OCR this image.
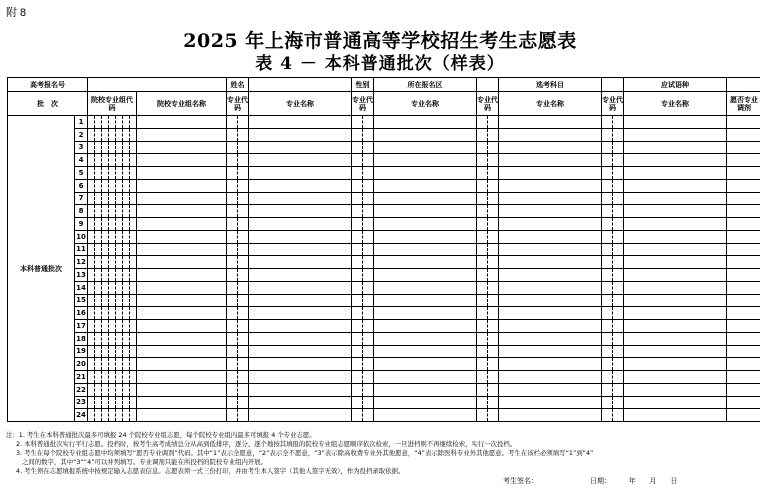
附 8
2025 年上海市普通高等学校招生考生志愿表
表 4 － 本科普通批次（样表）
高考报名号										姓名			性别		所在报名区			选考科目			应试语种	
批　次		院校专业组代码							院校专业组名称	专业代码		专业名称	专业代码		专业名称	专业代码		专业名称	专业代码		专业名称	愿否专业调剂
本科普通批次	1																					
	2																					
	3																					
	4																					
	5																					
	6																					
	7																					
	8																					
	9																					
	10																					
	11																					
	12																					
	13																					
	14																					
	15																					
	16																					
	17																					
	18																					
	19																					
	20																					
	21																					
	22																					
	23																					
	24																					
注：1. 考生在本科普通批次最多可填报 24 个院校专业组志愿，每个院校专业组内最多可填报 4 个专业志愿。
2. 本科普通批次实行平行志愿。投档时，按考生高考成绩总分从高到低排序，逐分、逐个地按其填报的院校专业组志愿顺序依次检索，一旦进档则不再继续检索，实行一次投档。
3. 考生在每个院校专业组志愿中均须填写“愿否专业调剂”代码。其中“1”表示全愿意，“2”表示全不愿意，“3”表示除高收费专业外其他愿意，“4”表示除医科专业外其他愿意。考生在该栏必须填写“1”到“4”
之间的数字，其中“3”“4”可以并列填写。专业调剂只能在所投档的院校专业组内开展。
4. 考生须在志愿填报系统中按规定输入志愿表信息。志愿表须一式三份打印，并由考生本人签字（其他人签字无效），作为投档录取依据。
考生签名：	日期：　　　年　　月　　日
